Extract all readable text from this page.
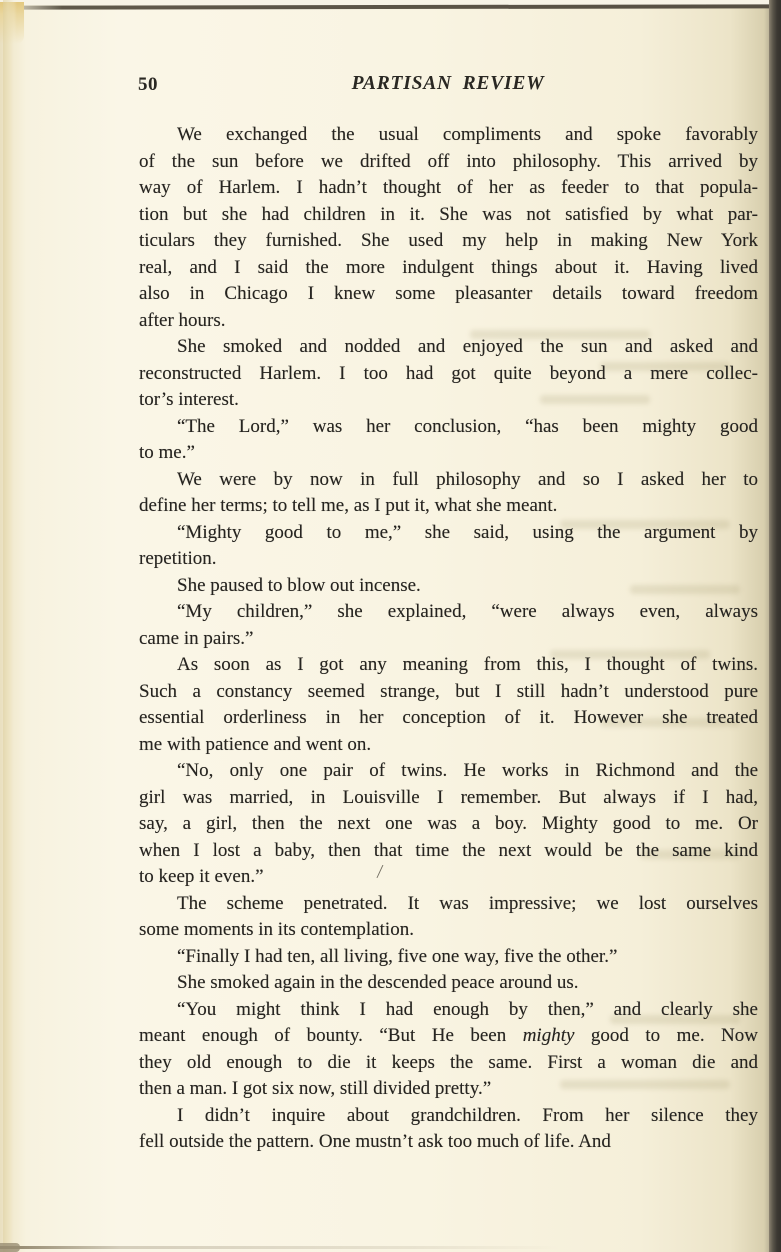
50	PARTISAN REVIEW
We exchanged the usual compliments and spoke favorably
of the sun before we drifted off into philosophy. This arrived by
way of Harlem. I hadn’t thought of her as feeder to that popula-
tion but she had children in it. She was not satisfied by what par-
ticulars they furnished. She used my help in making New York
real, and I said the more indulgent things about it. Having lived
also in Chicago I knew some pleasanter details toward freedom
after hours.
She smoked and nodded and enjoyed the sun and asked and
reconstructed Harlem. I too had got quite beyond a mere collec-
tor’s interest.
“The Lord,” was her conclusion, “has been mighty good
to me.”
We were by now in full philosophy and so I asked her to
define her terms; to tell me, as I put it, what she meant.
“Mighty good to me,” she said, using the argument by
repetition.
She paused to blow out incense.
“My children,” she explained, “were always even, always
came in pairs.”
As soon as I got any meaning from this, I thought of twins.
Such a constancy seemed strange, but I still hadn’t understood pure
essential orderliness in her conception of it. However she treated
me with patience and went on.
“No, only one pair of twins. He works in Richmond and the
girl was married, in Louisville I remember. But always if I had,
say, a girl, then the next one was a boy. Mighty good to me. Or
when I lost a baby, then that time the next would be the same kind
to keep it even.”
The scheme penetrated. It was impressive; we lost ourselves
some moments in its contemplation.
“Finally I had ten, all living, five one way, five the other.”
She smoked again in the descended peace around us.
“You might think I had enough by then,” and clearly she
meant enough of bounty. “But He been mighty good to me. Now
they old enough to die it keeps the same. First a woman die and
then a man. I got six now, still divided pretty.”
I didn’t inquire about grandchildren. From her silence they
fell outside the pattern. One mustn’t ask too much of life. And
/
